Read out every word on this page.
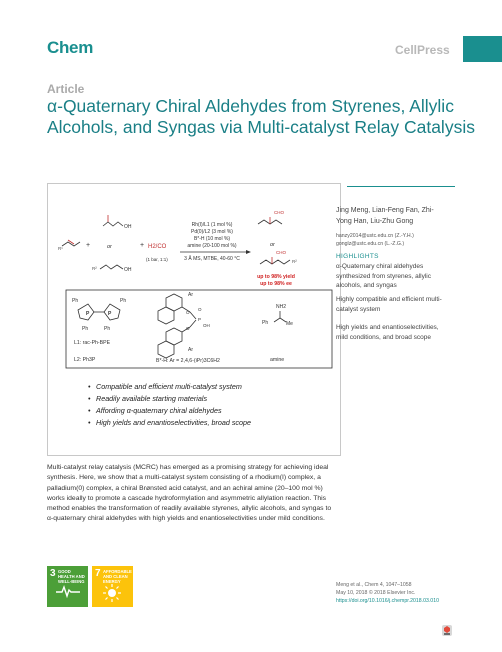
Chem	CellPress
Article
α-Quaternary Chiral Aldehydes from Styrenes, Allylic Alcohols, and Syngas via Multi-catalyst Relay Catalysis
R¹	+
OH
or
R²	OH
+ H2/CO
(1 bar, 1:1)
Rh(I)/L1 (1 mol %)
Pd(0)/L2 (3 mol %)
B*-H (10 mol %)
amine (20-100 mol %)
3 Å MS, MTBE, 40-60 °C
CHO
or
CHO
R²
up to 98% yield
up to 98% ee
Ph	Ph
Ph	Ph
P	P
L1: rac-Ph-BPE
L2: Ph3P
Ar
Ar
O
O
P
O
OH
B*-H: Ar = 2,4,6-(iPr)3C6H2
NH2
Ph	Me
amine
• Compatible and efficient multi-catalyst system
• Readily available starting materials
• Affording α-quaternary chiral aldehydes
• High yields and enantioselectivities, broad scope
Jing Meng, Lian-Feng Fan, Zhi-Yong Han, Liu-Zhu Gong
hanzy2014@ustc.edu.cn (Z.-Y.H.)
gonglz@ustc.edu.cn (L.-Z.G.)
HIGHLIGHTS
α-Quaternary chiral aldehydes synthesized from styrenes, allylic alcohols, and syngas
Highly compatible and efficient multi-catalyst system
High yields and enantioselectivities, mild conditions, and broad scope

Multi-catalyst relay catalysis (MCRC) has emerged as a promising strategy for achieving ideal synthesis. Here, we show that a multi-catalyst system consisting of a rhodium(I) complex, a palladium(0) complex, a chiral Brønsted acid catalyst, and an achiral amine (20–100 mol %) works ideally to promote a cascade hydroformylation and asymmetric allylation reaction. This method enables the transformation of readily available styrenes, allylic alcohols, and syngas to α-quaternary chiral aldehydes with high yields and enantioselectivities under mild conditions.

3 GOOD HEALTH AND WELL-BEING
7 AFFORDABLE AND CLEAN ENERGY
Meng et al., Chem 4, 1047–1058
May 10, 2018 © 2018 Elsevier Inc.
https://doi.org/10.1016/j.chempr.2018.03.010
